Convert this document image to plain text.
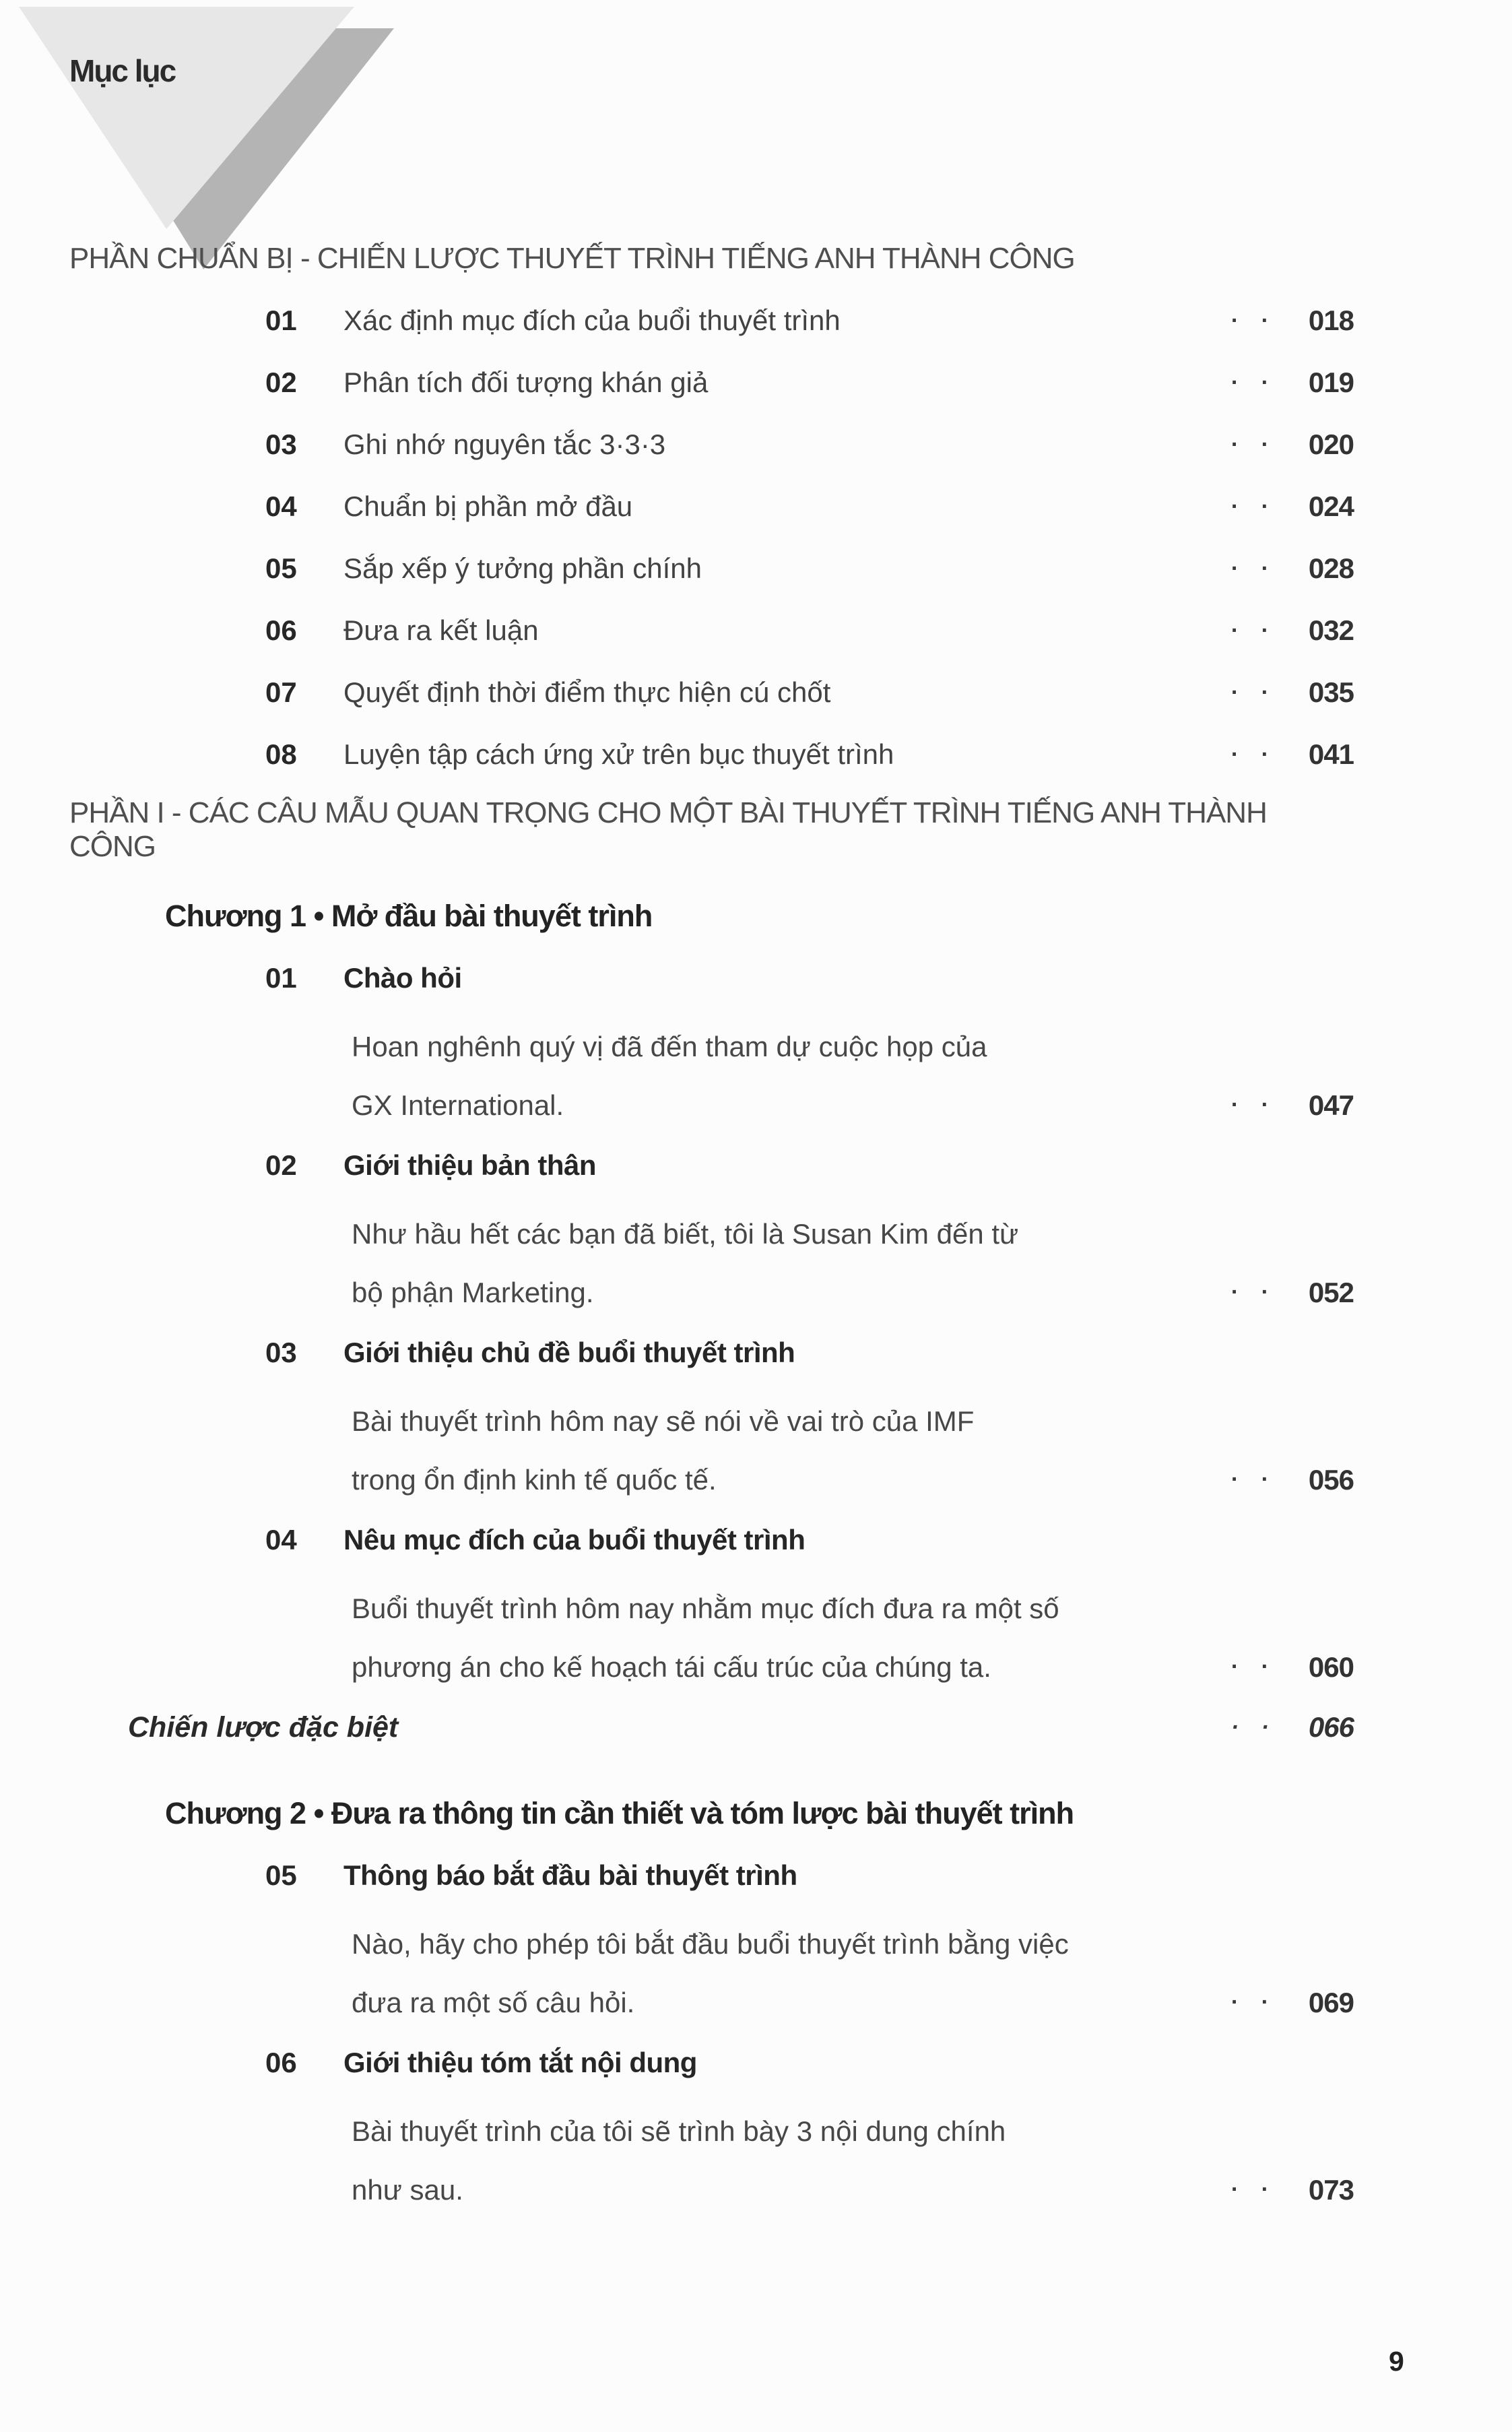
Mục lục
PHẦN CHUẨN BỊ - CHIẾN LƯỢC THUYẾT TRÌNH TIẾNG ANH THÀNH CÔNG
01	Xác định mục đích của buổi thuyết trình	· ·	018
02	Phân tích đối tượng khán giả	· ·	019
03	Ghi nhớ nguyên tắc 3·3·3	· ·	020
04	Chuẩn bị phần mở đầu	· ·	024
05	Sắp xếp ý tưởng phần chính	· ·	028
06	Đưa ra kết luận	· ·	032
07	Quyết định thời điểm thực hiện cú chốt	· ·	035
08	Luyện tập cách ứng xử trên bục thuyết trình	· ·	041
PHẦN I - CÁC CÂU MẪU QUAN TRỌNG CHO MỘT BÀI THUYẾT TRÌNH TIẾNG ANH THÀNH CÔNG
Chương 1 • Mở đầu bài thuyết trình
01	Chào hỏi
Hoan nghênh quý vị đã đến tham dự cuộc họp của
GX International.	· ·	047
02	Giới thiệu bản thân
Như hầu hết các bạn đã biết, tôi là Susan Kim đến từ
bộ phận Marketing.	· ·	052
03	Giới thiệu chủ đề buổi thuyết trình
Bài thuyết trình hôm nay sẽ nói về vai trò của IMF
trong ổn định kinh tế quốc tế.	· ·	056
04	Nêu mục đích của buổi thuyết trình
Buổi thuyết trình hôm nay nhằm mục đích đưa ra một số
phương án cho kế hoạch tái cấu trúc của chúng ta.	· ·	060
Chiến lược đặc biệt	· ·	066
Chương 2 • Đưa ra thông tin cần thiết và tóm lược bài thuyết trình
05	Thông báo bắt đầu bài thuyết trình
Nào, hãy cho phép tôi bắt đầu buổi thuyết trình bằng việc
đưa ra một số câu hỏi.	· ·	069
06	Giới thiệu tóm tắt nội dung
Bài thuyết trình của tôi sẽ trình bày 3 nội dung chính
như sau.	· ·	073
9
